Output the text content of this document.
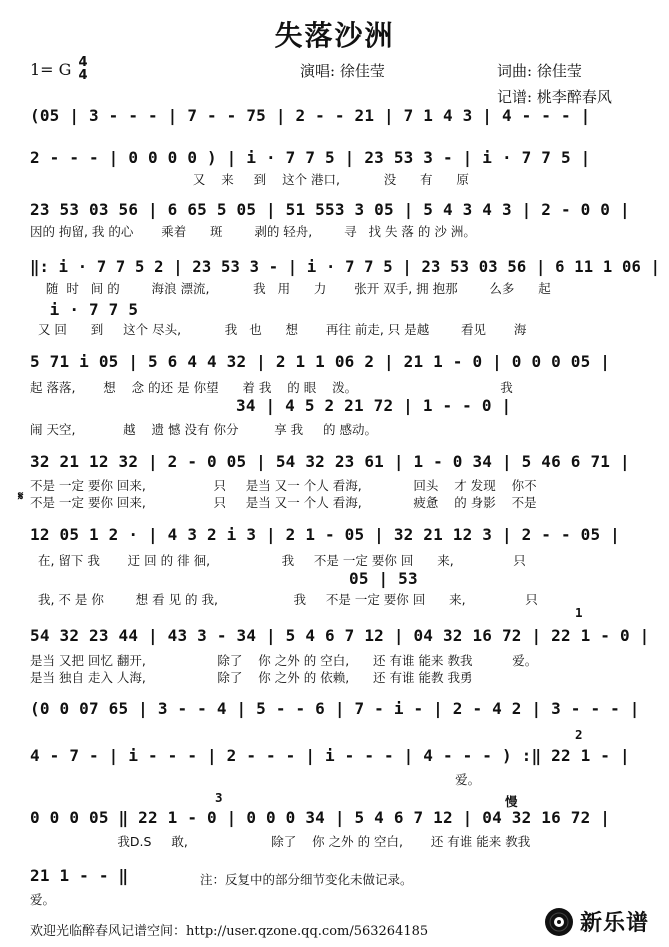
失落沙洲
1= G 4
4	演唱: 徐佳莹	词曲: 徐佳莹
记谱: 桃李醉春风
(05 | 3 - - - | 7 - - 75 | 2 - - 21 | 7 1 4 3 | 4 - - - |
2 - - - | 0 0 0 0 ) | i · 7 7 5 | 23 53 3 - | i · 7 7 5 |
又    来     到    这个 港口,           没      有      原
23 53 03 56 | 6 65 5 05 | 51 553 3 05 | 5 4 3 4 3 | 2 - 0 0 |
因的 拘留, 我 的心       乘着      斑        剥的 轻舟,        寻   找 失 落 的 沙 洲。
‖: i · 7 7 5 2 | 23 53 3 - | i · 7 7 5 | 23 53 03 56 | 6 11 1 06 |
随  时   间 的        海浪 漂流,           我   用      力       张开 双手, 拥 抱那        么多      起
i · 7 7 5
又 回      到     这个 尽头,           我   也      想       再往 前走, 只 是越        看见       海
5 71 i 05 | 5 6 4 4 32 | 2 1 1 06 2 | 21 1 - 0 | 0 0 0 05 |
起 落落,       想    念 的还 是 你望      着 我    的 眼    泼。                                    我
34 | 4 5 2 21 72 | 1 - - 0 |
闹 天空,            越    遗 憾 没有 你分         享 我     的 感动。
32 21 12 32 | 2 - 0 05 | 54 32 23 61 | 1 - 0 34 | 5 46 6 71 |
不是 一定 要你 回来,                 只     是当 又一 个人 看海,             回头    才 发现    你不
𝄋 不是 一定 要你 回来,                 只     是当 又一 个人 看海,             疲惫    的 身影    不是
12 05 1 2 · | 4 3 2 i 3 | 2 1 - 05 | 32 21 12 3 | 2 - - 05 |
在, 留下 我       迂 回 的 徘 徊,                  我     不是 一定 要你 回      来,               只
05 | 53
我, 不 是 你        想 看 见 的 我,                   我     不是 一定 要你 回      来,               只
1
54 32 23 44 | 43 3 - 34 | 5 4 6 7 12 | 04 32 16 72 | 22 1 - 0 |
是当 又把 回忆 翻开,                  除了    你 之外 的 空白,      还 有谁 能来 教我          爱。
是当 独自 走入 人海,                  除了    你 之外 的 依赖,      还 有谁 能教 我勇
(0 0 07 65 | 3 - - 4 | 5 - - 6 | 7 - i - | 2 - 4 2 | 3 - - - |
2
4 - 7 - | i - - - | 2 - - - | i - - - | 4 - - - ) :‖ 22 1 - |
爱。
3	慢
0 0 0 05 ‖ 22 1 - 0 | 0 0 0 34 | 5 4 6 7 12 | 04 32 16 72 |
我D.S     敢,                     除了    你 之外 的 空白,       还 有谁 能来 教我
21 1 - - ‖
爱。
注：反复中的部分细节变化未做记录。
欢迎光临醉春风记谱空间：http://user.qzone.qq.com/563264185	新乐谱
